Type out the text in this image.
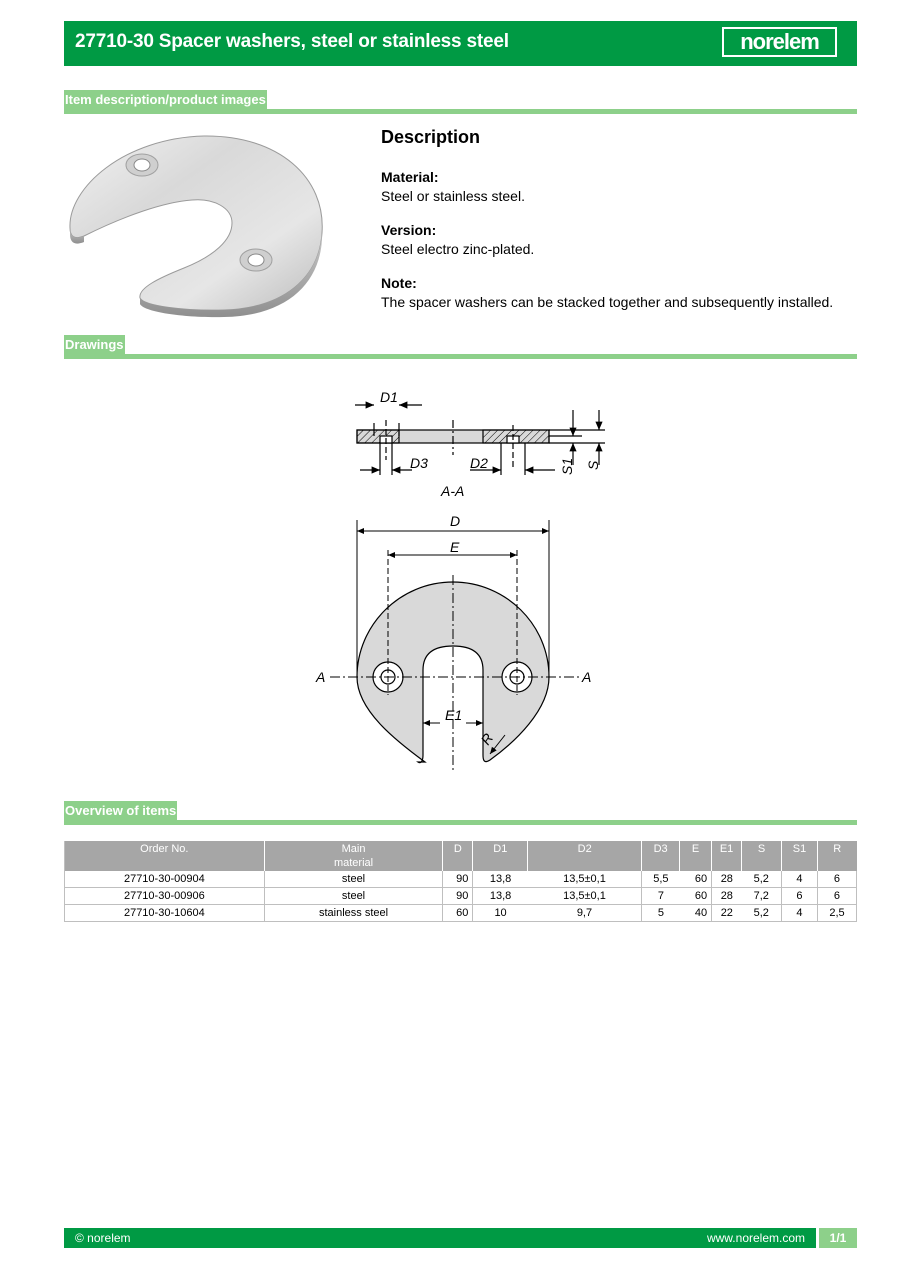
27710-30 Spacer washers, steel or stainless steel	norelem
Item description/product images
Description
Material:
Steel or stainless steel.
Version:
Steel electro zinc-plated.
Note:
The spacer washers can be stacked together and subsequently installed.
Drawings
D1
D3	D2	S1 S
A-A
D
E
A	A
E1
R
Overview of items
Order No.	Main
material	D	D1	D2	D3	E	E1	S	S1	R
27710-30-00904	steel	90	13,8	13,5±0,1	5,5	60	28	5,2	4	6
27710-30-00906	steel	90	13,8	13,5±0,1	7	60	28	7,2	6	6
27710-30-10604	stainless steel	60	10	9,7	5	40	22	5,2	4	2,5
© norelem	www.norelem.com	1/1
